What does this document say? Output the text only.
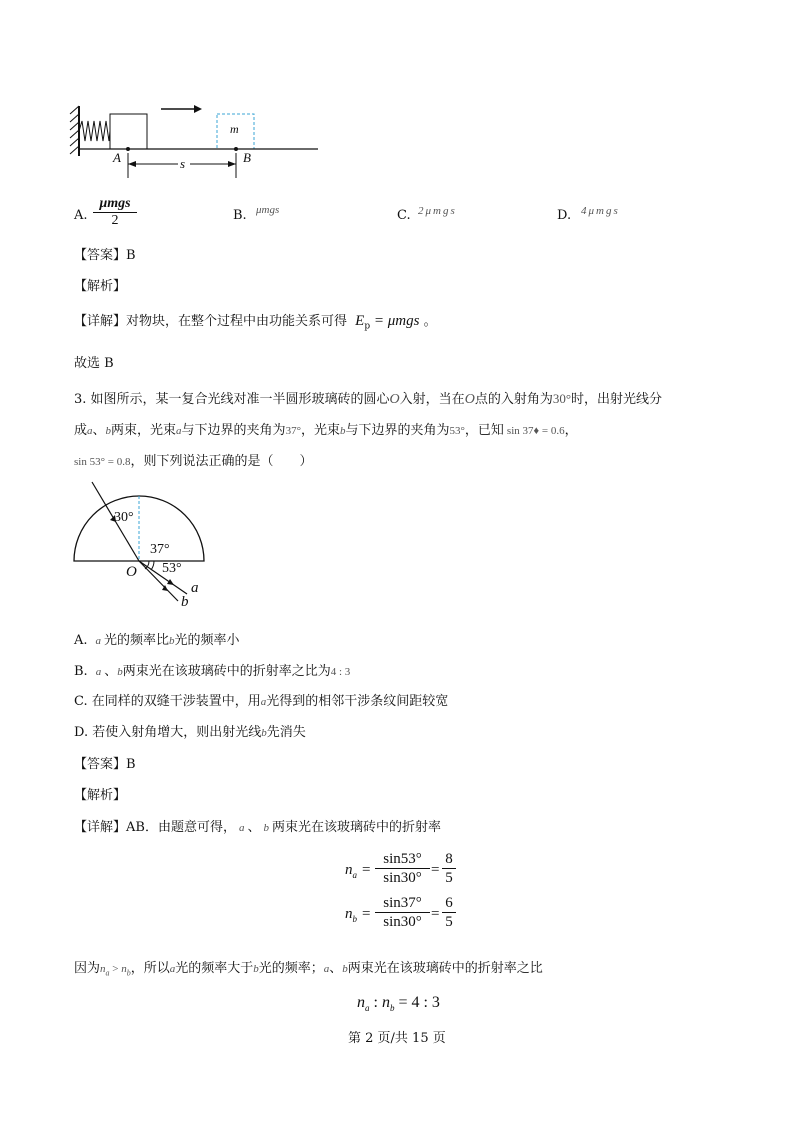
m
A	B
s
A.
μmgs
2	B. μmgs	C. 2μmgs	D. 4μmgs
【答案】B
【解析】
【详解】对物块，在整个过程中由功能关系可得 $E_p = \mu mgs$ 。
故选 B
3. 如图所示，某一复合光线对准一半圆形玻璃砖的圆心O入射，当在O点的入射角为30°时，出射光线分
成a、b两束，光束a与下边界的夹角为37°，光束b与下边界的夹角为53°，已知 sin 37♦ = 0.6，
sin 53° = 0.8，则下列说法正确的是（　　）
30°
37°
53°
O
a
b
A. a 光的频率比b光的频率小
B. a 、b两束光在该玻璃砖中的折射率之比为4 : 3
C. 在同样的双缝干涉装置中，用a光得到的相邻干涉条纹间距较宽
D. 若使入射角增大，则出射光线b先消失
【答案】B
【解析】
【详解】AB．由题意可得， a 、 b 两束光在该玻璃砖中的折射率
$n_a = \frac{\sin 53^\circ}{\sin 30^\circ} = \frac{8}{5}$
$n_b = \frac{\sin 37^\circ}{\sin 30^\circ} = \frac{6}{5}$
因为$n_a > n_b$，所以a光的频率大于b光的频率；a、b两束光在该玻璃砖中的折射率之比
$n_a$ : $n_b = 4$ : 3
第 2 页/共 15 页
